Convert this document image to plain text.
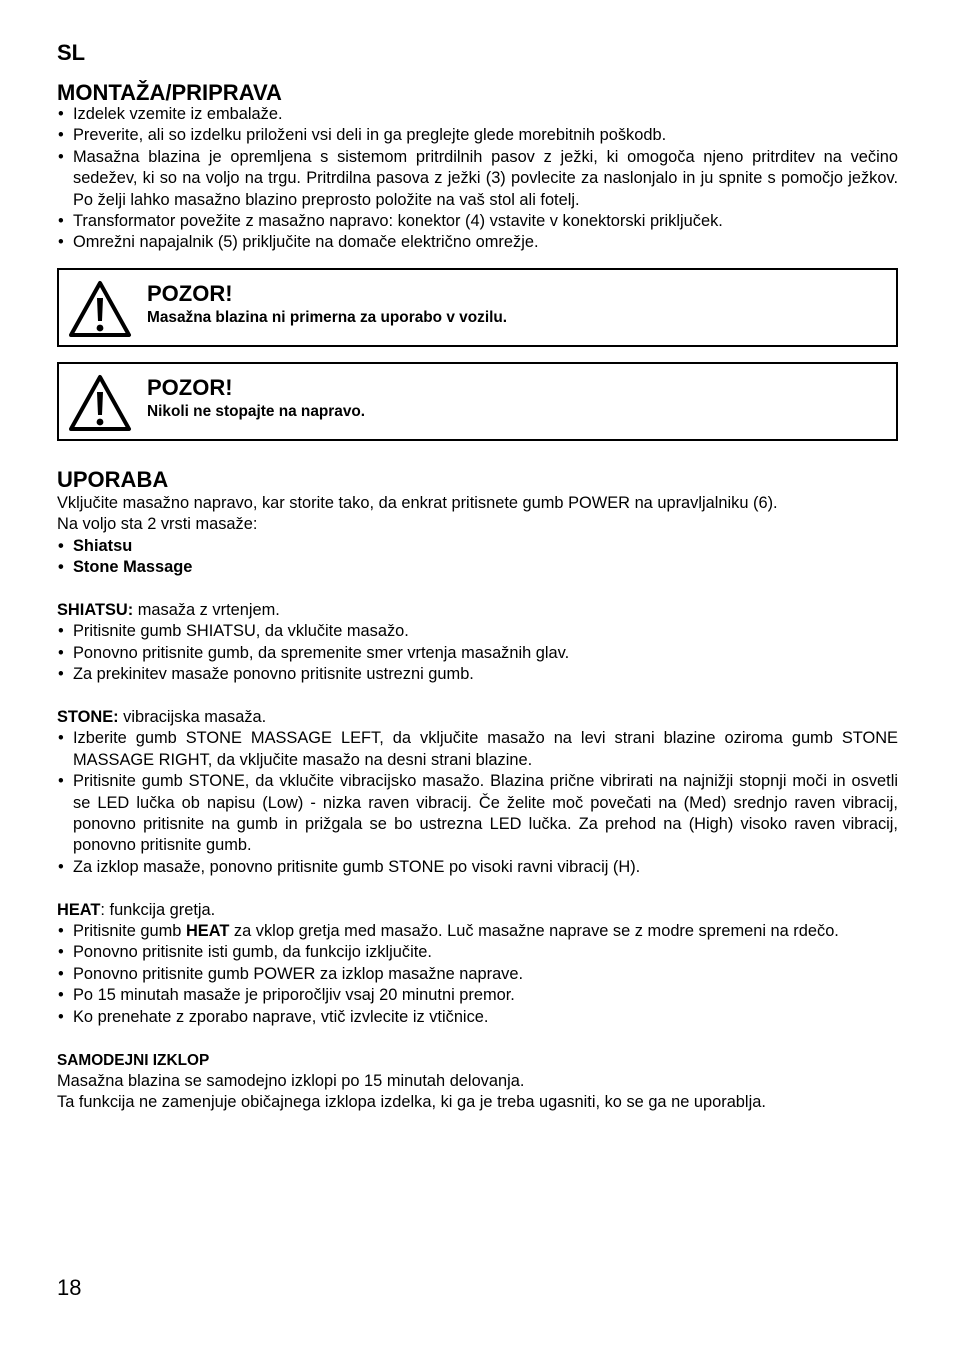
SL
MONTAŽA/PRIPRAVA
• Izdelek vzemite iz embalaže.
• Preverite, ali so izdelku priloženi vsi deli in ga preglejte glede morebitnih poškodb.
• Masažna blazina je opremljena s sistemom pritrdilnih pasov z ježki, ki omogoča njeno pritrditev na večino sedežev, ki so na voljo na trgu. Pritrdilna pasova z ježki (3) povlecite za naslonjalo in ju spnite s pomočjo ježkov. Po želji lahko masažno blazino preprosto položite na vaš stol ali fotelj.
• Transformator povežite z masažno napravo: konektor (4) vstavite v konektorski priključek.
• Omrežni napajalnik (5) priključite na domače električno omrežje.
POZOR!
Masažna blazina ni primerna za uporabo v vozilu.
POZOR!
Nikoli ne stopajte na napravo.
UPORABA

Vključite masažno napravo, kar storite tako, da enkrat pritisnete gumb POWER na upravljalniku (6).

Na voljo sta 2 vrsti masaže:

• Shiatsu
• Stone Massage

SHIATSU: masaža z vrtenjem.

• Pritisnite gumb SHIATSU, da vklučite masažo.
• Ponovno pritisnite gumb, da spremenite smer vrtenja masažnih glav.
• Za prekinitev masaže ponovno pritisnite ustrezni gumb.

STONE: vibracijska masaža.

• Izberite gumb STONE MASSAGE LEFT, da vključite masažo na levi strani blazine oziroma gumb STONE MASSAGE RIGHT, da vključite masažo na desni strani blazine.
• Pritisnite gumb STONE, da vklučite vibracijsko masažo. Blazina prične vibrirati na najnižji stopnji moči in osvetli se LED lučka ob napisu (Low) - nizka raven vibracij. Če želite moč povečati na (Med) srednjo raven vibracij, ponovno pritisnite na gumb in prižgala se bo ustrezna LED lučka. Za prehod na (High) visoko raven vibracij, ponovno pritisnite gumb.
• Za izklop masaže, ponovno pritisnite gumb STONE po visoki ravni vibracij (H).

HEAT: funkcija gretja.

• Pritisnite gumb HEAT za vklop gretja med masažo. Luč masažne naprave se z modre spremeni na rdečo.
• Ponovno pritisnite isti gumb, da funkcijo izključite.
• Ponovno pritisnite gumb POWER za izklop masažne naprave.
• Po 15 minutah masaže je priporočljiv vsaj 20 minutni premor.
• Ko prenehate z zporabo naprave, vtič izvlecite iz vtičnice.

SAMODEJNI IZKLOP

Masažna blazina se samodejno izklopi po 15 minutah delovanja.

Ta funkcija ne zamenjuje običajnega izklopa izdelka, ki ga je treba ugasniti, ko se ga ne uporablja.

18
